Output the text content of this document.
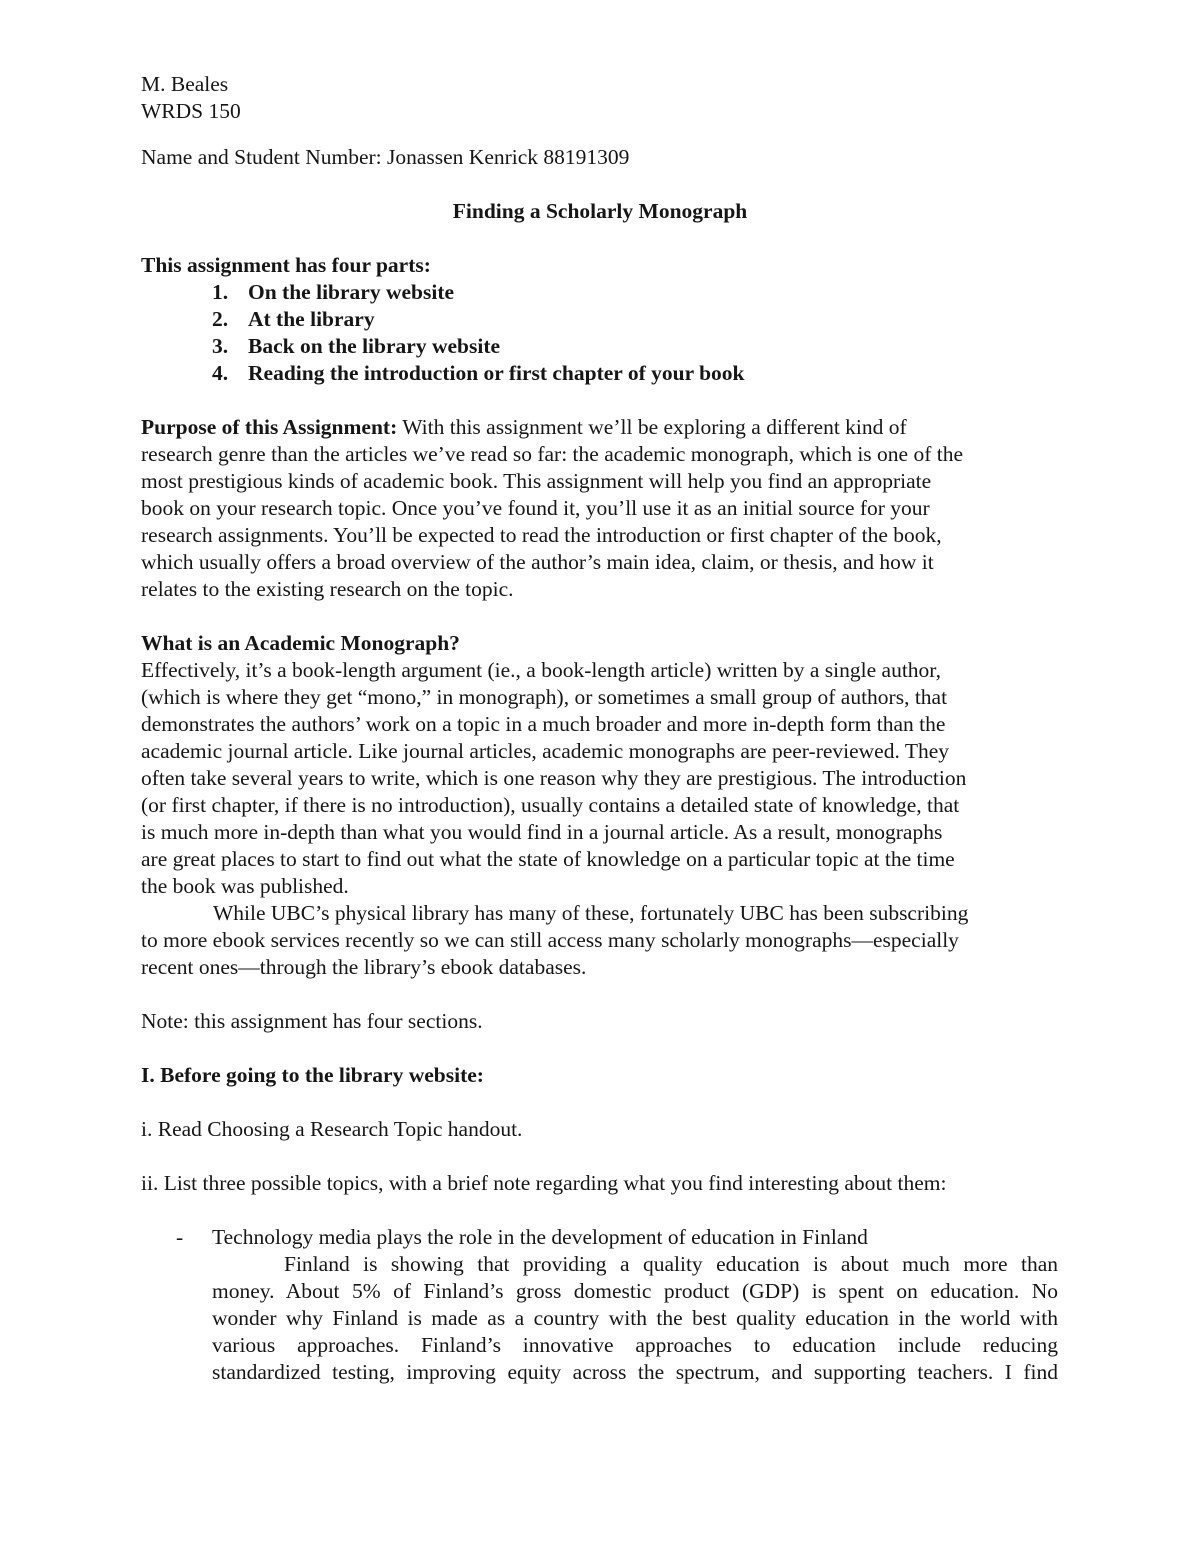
M. Beales
WRDS 150
Name and Student Number: Jonassen Kenrick 88191309
Finding a Scholarly Monograph
This assignment has four parts:
1. On the library website
2. At the library
3. Back on the library website
4. Reading the introduction or first chapter of your book
Purpose of this Assignment: With this assignment we’ll be exploring a different kind of
research genre than the articles we’ve read so far: the academic monograph, which is one of the
most prestigious kinds of academic book. This assignment will help you find an appropriate
book on your research topic. Once you’ve found it, you’ll use it as an initial source for your
research assignments. You’ll be expected to read the introduction or first chapter of the book,
which usually offers a broad overview of the author’s main idea, claim, or thesis, and how it
relates to the existing research on the topic.
What is an Academic Monograph?
Effectively, it’s a book-length argument (ie., a book-length article) written by a single author,
(which is where they get “mono,” in monograph), or sometimes a small group of authors, that
demonstrates the authors’ work on a topic in a much broader and more in-depth form than the
academic journal article. Like journal articles, academic monographs are peer-reviewed. They
often take several years to write, which is one reason why they are prestigious. The introduction
(or first chapter, if there is no introduction), usually contains a detailed state of knowledge, that
is much more in-depth than what you would find in a journal article. As a result, monographs
are great places to start to find out what the state of knowledge on a particular topic at the time
the book was published.
While UBC’s physical library has many of these, fortunately UBC has been subscribing
to more ebook services recently so we can still access many scholarly monographs—especially
recent ones—through the library’s ebook databases.
Note: this assignment has four sections.
I. Before going to the library website:
i. Read Choosing a Research Topic handout.
ii. List three possible topics, with a brief note regarding what you find interesting about them:
- Technology media plays the role in the development of education in Finland
Finland is showing that providing a quality education is about much more than
money. About 5% of Finland’s gross domestic product (GDP) is spent on education. No
wonder why Finland is made as a country with the best quality education in the world with
various approaches. Finland’s innovative approaches to education include reducing
standardized testing, improving equity across the spectrum, and supporting teachers. I find
